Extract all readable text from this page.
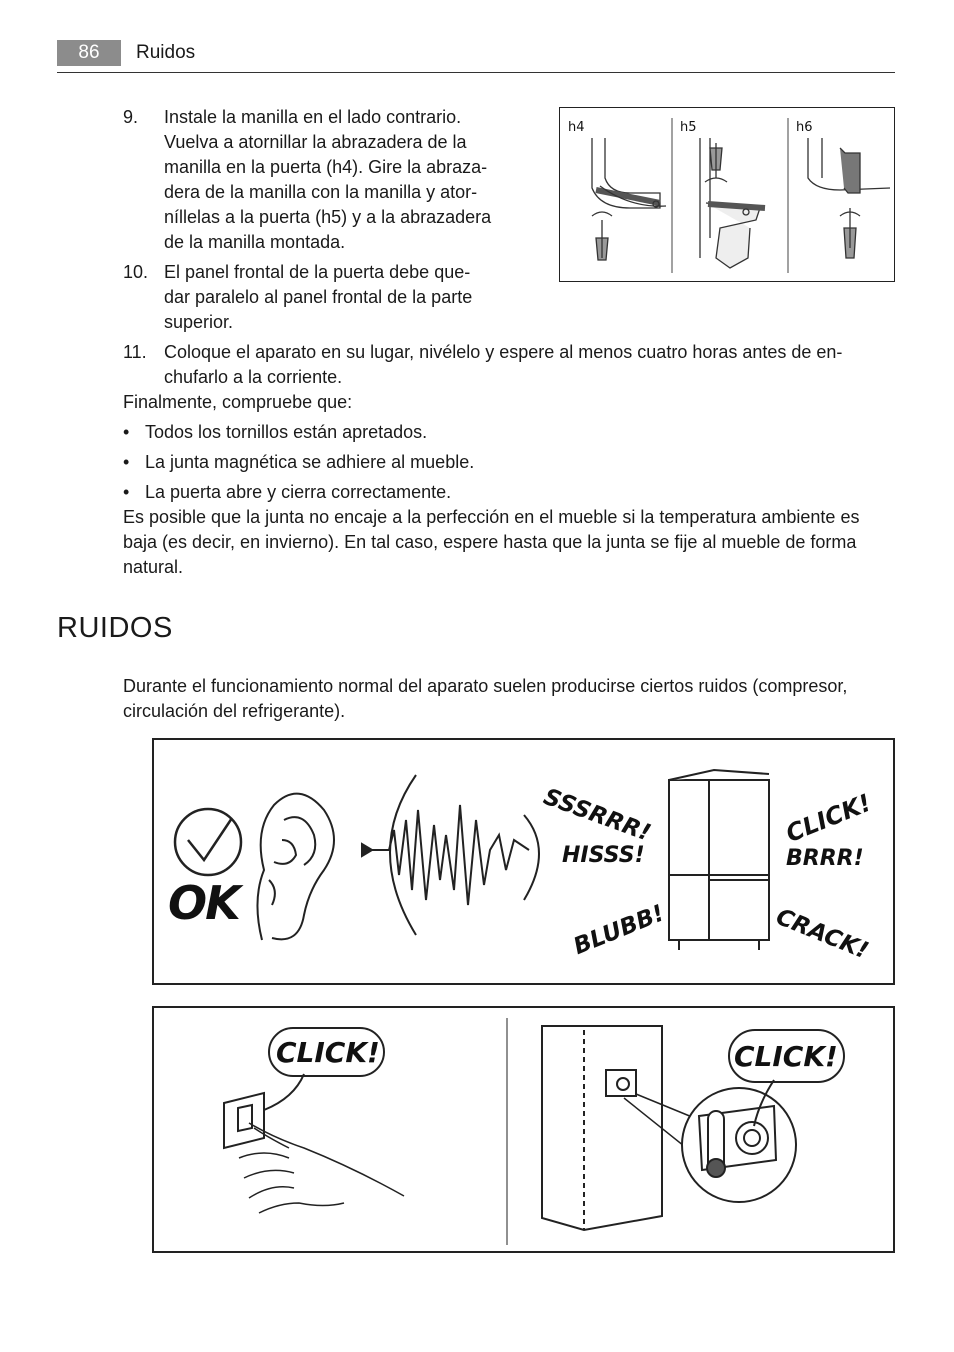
86	Ruidos
9. Instale la manilla en el lado contrario.
Vuelva a atornillar la abrazadera de la
manilla en la puerta (h4). Gire la abraza-
dera de la manilla con la manilla y ator-
níllelas a la puerta (h5) y a la abrazadera
de la manilla montada.
10. El panel frontal de la puerta debe que-
dar paralelo al panel frontal de la parte
superior.
11. Coloque el aparato en su lugar, nivélelo y espere al menos cuatro horas antes de en-
chufarlo a la corriente.
Finalmente, compruebe que:
• Todos los tornillos están apretados.
• La junta magnética se adhiere al mueble.
• La puerta abre y cierra correctamente.
Es posible que la junta no encaje a la perfección en el mueble si la temperatura ambiente es
baja (es decir, en invierno). En tal caso, espere hasta que la junta se fije al mueble de forma
natural.
RUIDOS
Durante el funcionamiento normal del aparato suelen producirse ciertos ruidos (compresor,
circulación del refrigerante).
h4	h5	h6
OK
SSSRRR!
HISSS!
BLUBB!
CLICK!
BRRR!
CRACK!
CLICK!	CLICK!
